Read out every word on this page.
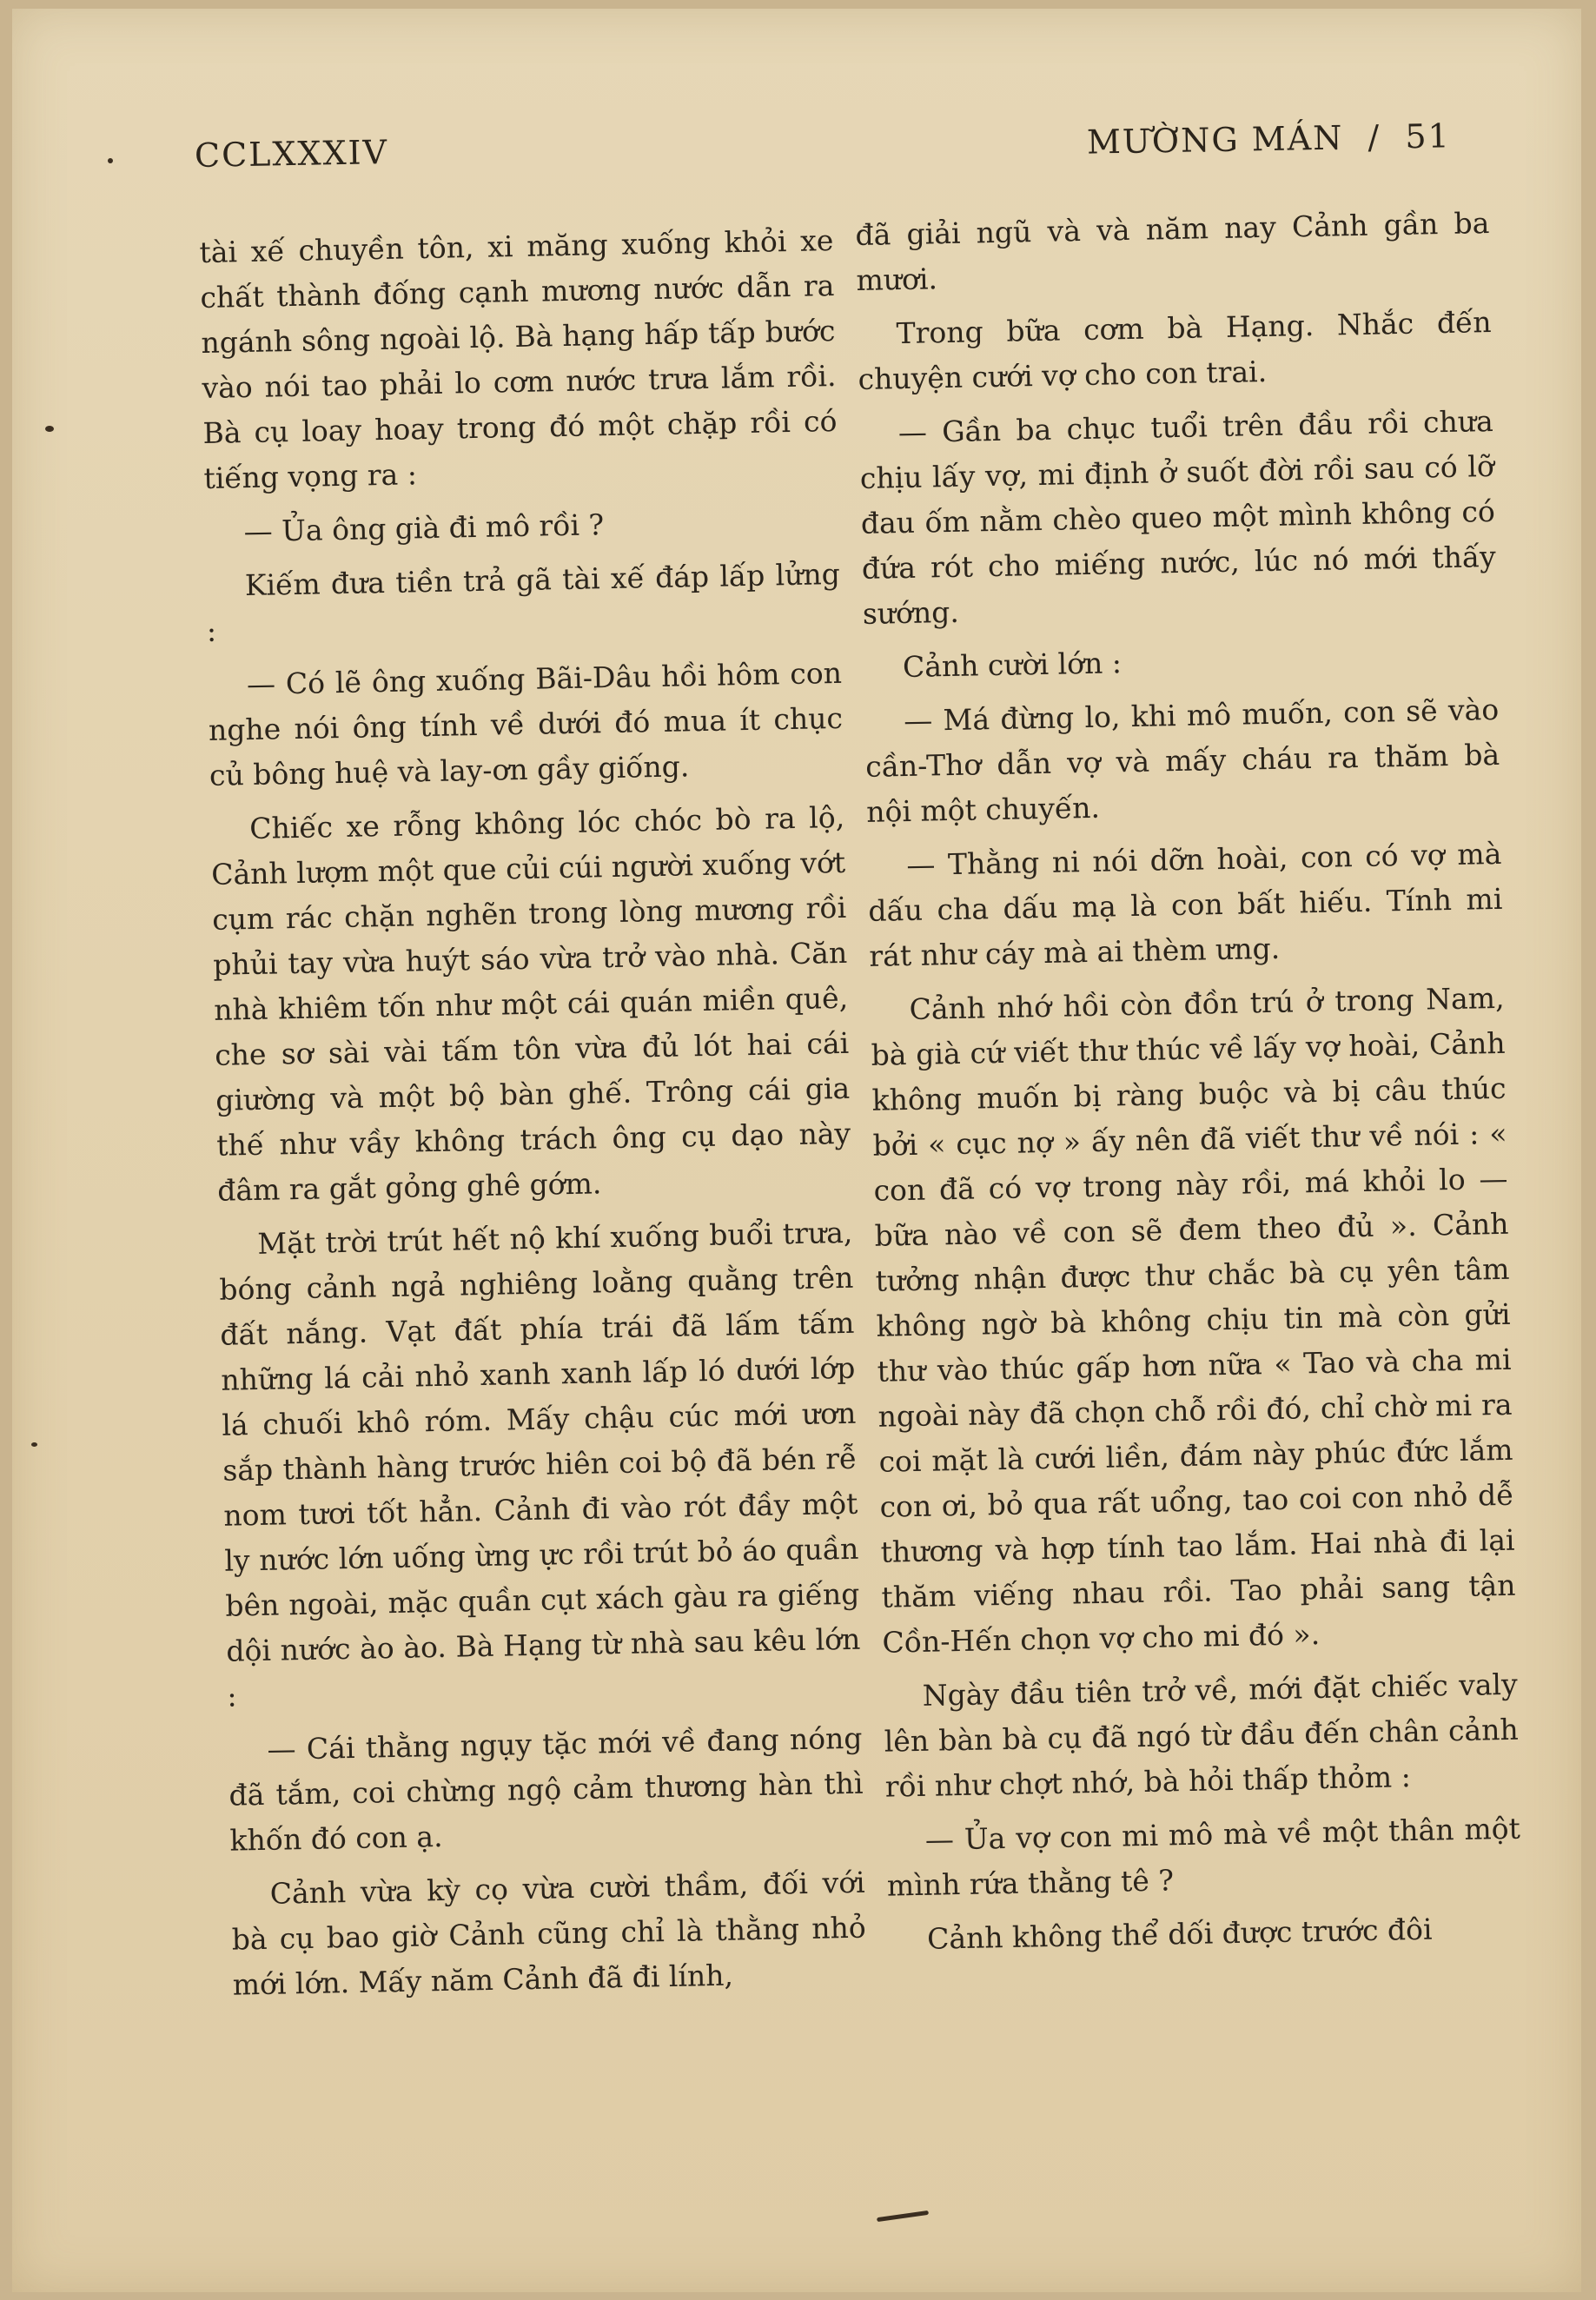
CCLXXXIV	MƯỜNG MÁN / 51

tài xế chuyền tôn, xi măng xuống khỏi xe chất thành đống cạnh mương nước dẫn ra ngánh sông ngoài lộ. Bà hạng hấp tấp bước vào nói tao phải lo cơm nước trưa lắm rồi. Bà cụ loay hoay trong đó một chặp rồi có tiếng vọng ra :

— Ủa ông già đi mô rồi ?

Kiếm đưa tiền trả gã tài xế đáp lấp lửng :

— Có lẽ ông xuống Bãi-Dâu hồi hôm con nghe nói ông tính về dưới đó mua ít chục củ bông huệ và lay-ơn gầy giống.

Chiếc xe rỗng không lóc chóc bò ra lộ, Cảnh lượm một que củi cúi người xuống vớt cụm rác chặn nghẽn trong lòng mương rồi phủi tay vừa huýt sáo vừa trở vào nhà. Căn nhà khiêm tốn như một cái quán miền quê, che sơ sài vài tấm tôn vừa đủ lót hai cái giường và một bộ bàn ghế. Trông cái gia thế như vầy không trách ông cụ dạo này đâm ra gắt gỏng ghê gớm.

Mặt trời trút hết nộ khí xuống buổi trưa, bóng cảnh ngả nghiêng loằng quằng trên đất nắng. Vạt đất phía trái đã lấm tấm những lá cải nhỏ xanh xanh lấp ló dưới lớp lá chuối khô róm. Mấy chậu cúc mới ươn sắp thành hàng trước hiên coi bộ đã bén rễ nom tươi tốt hẳn. Cảnh đi vào rót đầy một ly nước lớn uống ừng ực rồi trút bỏ áo quần bên ngoài, mặc quần cụt xách gàu ra giếng dội nước ào ào. Bà Hạng từ nhà sau kêu lớn :

— Cái thằng ngụy tặc mới về đang nóng đã tắm, coi chừng ngộ cảm thương hàn thì khốn đó con ạ.

Cảnh vừa kỳ cọ vừa cười thầm, đối với bà cụ bao giờ Cảnh cũng chỉ là thằng nhỏ mới lớn. Mấy năm Cảnh đã đi lính,

đã giải ngũ và và năm nay Cảnh gần ba mươi.

Trong bữa cơm bà Hạng. Nhắc đến chuyện cưới vợ cho con trai.

— Gần ba chục tuổi trên đầu rồi chưa chịu lấy vợ, mi định ở suốt đời rồi sau có lỡ đau ốm nằm chèo queo một mình không có đứa rót cho miếng nước, lúc nó mới thấy sướng.

Cảnh cười lớn :

— Má đừng lo, khi mô muốn, con sẽ vào cần-Thơ dẫn vợ và mấy cháu ra thăm bà nội một chuyến.

— Thằng ni nói dỡn hoài, con có vợ mà dấu cha dấu mạ là con bất hiếu. Tính mi rát như cáy mà ai thèm ưng.

Cảnh nhớ hồi còn đồn trú ở trong Nam, bà già cứ viết thư thúc về lấy vợ hoài, Cảnh không muốn bị ràng buộc và bị câu thúc bởi « cục nợ » ấy nên đã viết thư về nói : « con đã có vợ trong này rồi, má khỏi lo — bữa nào về con sẽ đem theo đủ ». Cảnh tưởng nhận được thư chắc bà cụ yên tâm không ngờ bà không chịu tin mà còn gửi thư vào thúc gấp hơn nữa « Tao và cha mi ngoài này đã chọn chỗ rồi đó, chỉ chờ mi ra coi mặt là cưới liền, đám này phúc đức lắm con ơi, bỏ qua rất uổng, tao coi con nhỏ dễ thương và hợp tính tao lắm. Hai nhà đi lại thăm viếng nhau rồi. Tao phải sang tận Cồn-Hến chọn vợ cho mi đó ».

Ngày đầu tiên trở về, mới đặt chiếc valy lên bàn bà cụ đã ngó từ đầu đến chân cảnh rồi như chợt nhớ, bà hỏi thấp thỏm :

— Ủa vợ con mi mô mà về một thân một mình rứa thằng tê ?

Cảnh không thể dối được trước đôi
